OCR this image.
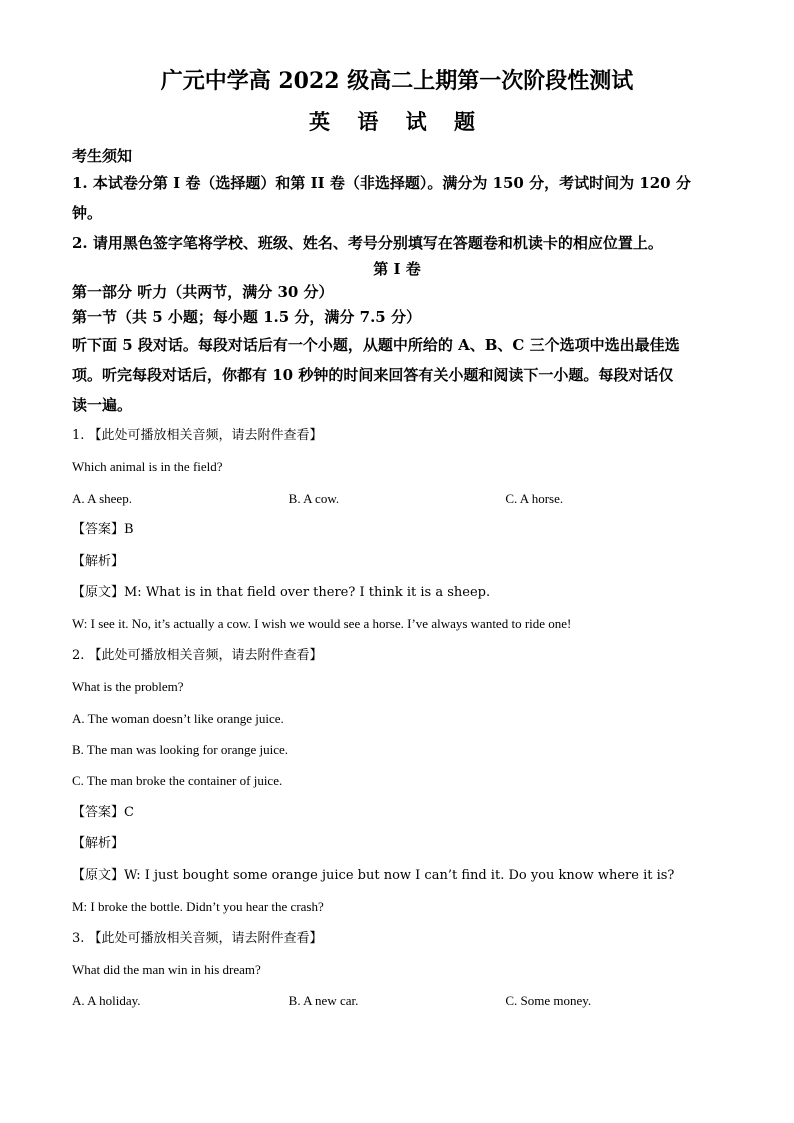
广元中学高 2022 级高二上期第一次阶段性测试
英 语 试 题
考生须知
1. 本试卷分第 I 卷（选择题）和第 II 卷（非选择题）。满分为 150 分，考试时间为 120 分
钟。
2. 请用黑色签字笔将学校、班级、姓名、考号分别填写在答题卷和机读卡的相应位置上。
第 I 卷
第一部分 听力（共两节，满分 30 分）
第一节（共 5 小题；每小题 1.5 分，满分 7.5 分）
听下面 5 段对话。每段对话后有一个小题，从题中所给的 A、B、C 三个选项中选出最佳选
项。听完每段对话后，你都有 10 秒钟的时间来回答有关小题和阅读下一小题。每段对话仅
读一遍。
1. 【此处可播放相关音频，请去附件查看】
Which animal is in the field?
A. A sheep.	B. A cow.	C. A horse.
【答案】B
【解析】
【原文】M: What is in that field over there? I think it is a sheep.
W: I see it. No, it’s actually a cow. I wish we would see a horse. I’ve always wanted to ride one!
2. 【此处可播放相关音频，请去附件查看】
What is the problem?
A. The woman doesn’t like orange juice.
B. The man was looking for orange juice.
C. The man broke the container of juice.
【答案】C
【解析】
【原文】W: I just bought some orange juice but now I can’t find it. Do you know where it is?
M: I broke the bottle. Didn’t you hear the crash?
3. 【此处可播放相关音频，请去附件查看】
What did the man win in his dream?
A. A holiday.	B. A new car.	C. Some money.
